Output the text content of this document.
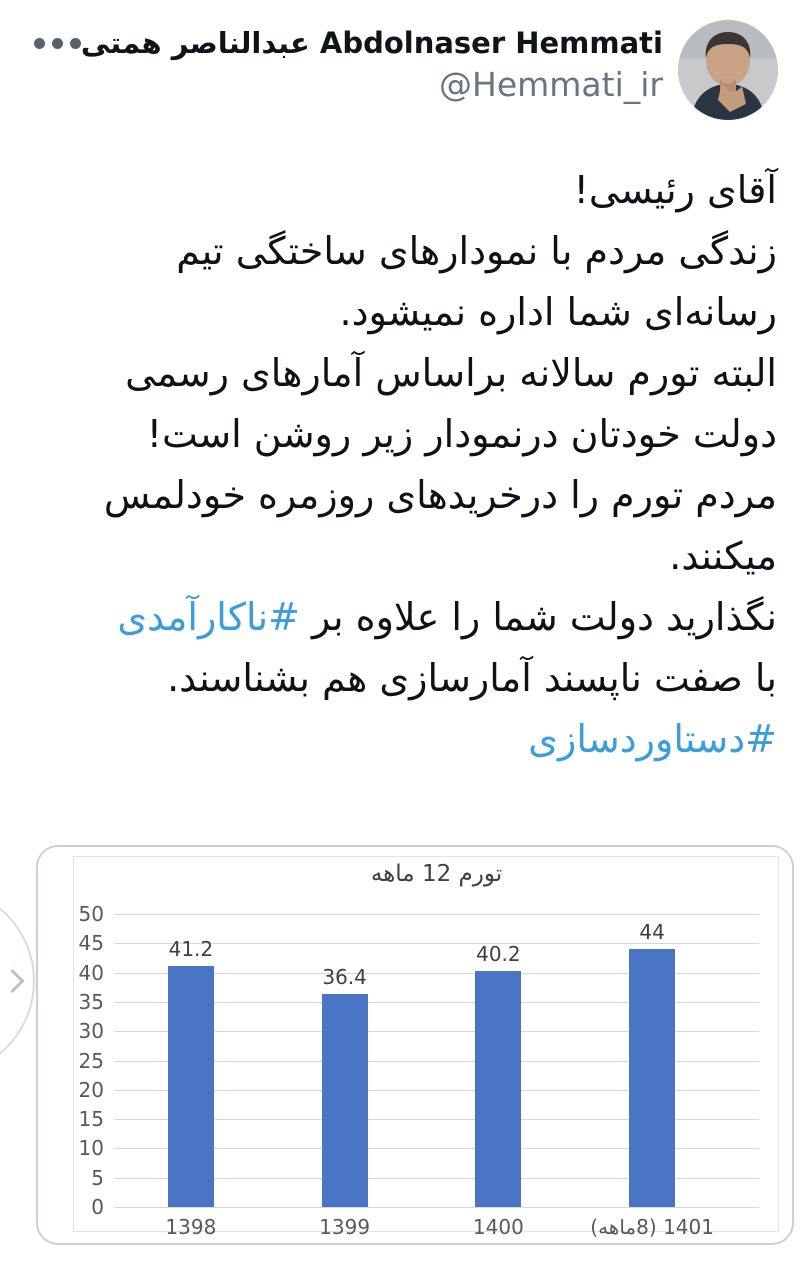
Abdolnaser Hemmati عبدالناصر همتی
@Hemmati_ir
آقای رئیسی!
زندگی مردم با نمودارهای ساختگی تیم
رسانه‌ای شما اداره نمیشود.
البته تورم سالانه براساس آمارهای رسمی
دولت خودتان درنمودار زیر روشن است!
مردم تورم را درخریدهای روزمره خودلمس
میکنند.
نگذارید دولت شما را علاوه بر #ناکارآمدی
با صفت ناپسند آمارسازی هم بشناسند.
#دستاوردسازی
تورم 12 ماهه
41.2
36.4
40.2
44
0
5
10
15
20
25
30
35
40
45
50
1398	1399	1400	1401 (8ماهه)
